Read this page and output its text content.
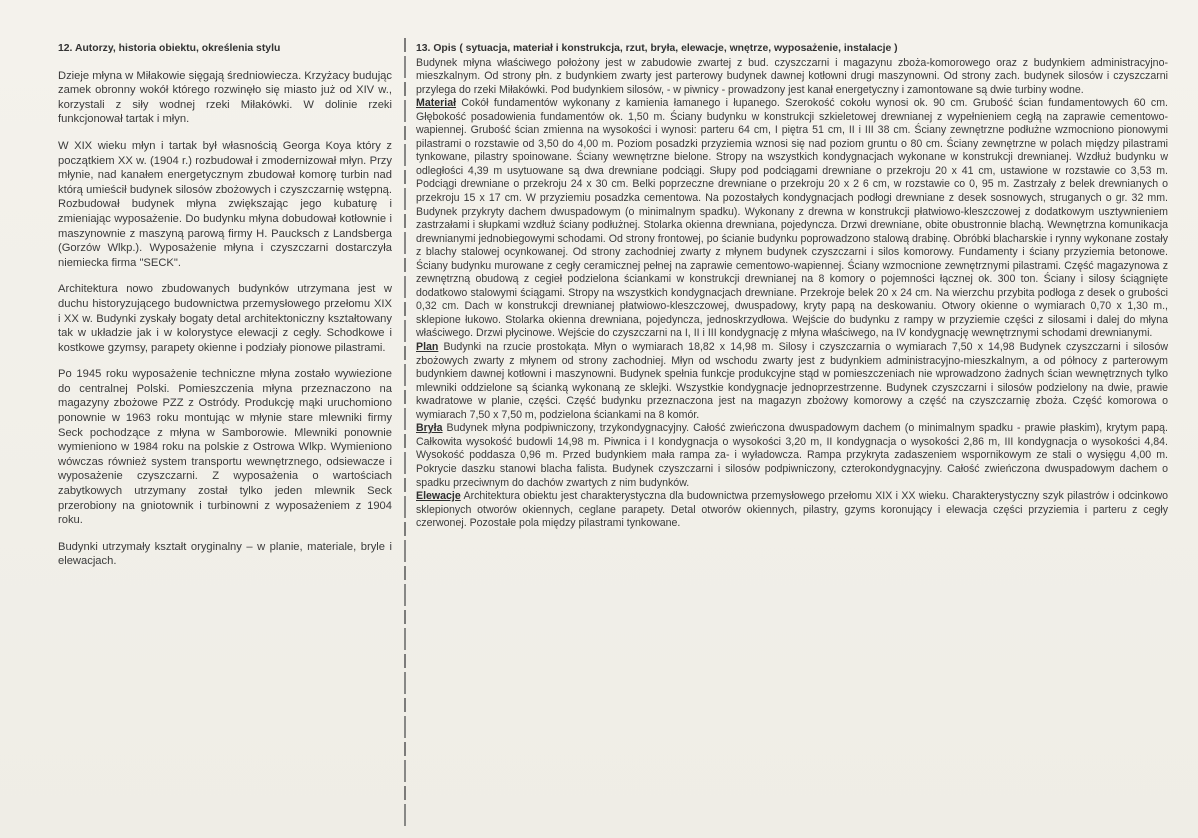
12. Autorzy, historia obiektu, określenia stylu

Dzieje młyna w Miłakowie sięgają średniowiecza. Krzyżacy budując zamek obronny wokół którego rozwinęło się miasto już od XIV w., korzystali z siły wodnej rzeki Miłakówki. W dolinie rzeki funkcjonował tartak i młyn.

W XIX wieku młyn i tartak był własnością Georga Koya który z początkiem XX w. (1904 r.) rozbudował i zmodernizował młyn. Przy młynie, nad kanałem energetycznym zbudował komorę turbin nad którą umieścił budynek silosów zbożowych i czyszczarnię wstępną. Rozbudował budynek młyna zwiększając jego kubaturę i zmieniając wyposażenie. Do budynku młyna dobudował kotłownie i maszynownie z maszyną parową firmy H. Paucksch z Landsberga (Gorzów Wlkp.). Wyposażenie młyna i czyszczarni dostarczyła niemiecka firma "SECK".

Architektura nowo zbudowanych budynków utrzymana jest w duchu historyzującego budownictwa przemysłowego przełomu XIX i XX w. Budynki zyskały bogaty detal architektoniczny kształtowany tak w układzie jak i w kolorystyce elewacji z cegły. Schodkowe i kostkowe gzymsy, parapety okienne i podziały pionowe pilastrami.

Po 1945 roku wyposażenie techniczne młyna zostało wywiezione do centralnej Polski. Pomieszczenia młyna przeznaczono na magazyny zbożowe PZZ z Ostródy. Produkcję mąki uruchomiono ponownie w 1963 roku montując w młynie stare mlewniki firmy Seck pochodzące z młyna w Samborowie. Mlewniki ponownie wymieniono w 1984 roku na polskie z Ostrowa Wlkp. Wymieniono wówczas również system transportu wewnętrznego, odsiewacze i wyposażenie czyszczarni. Z wyposażenia o wartościach zabytkowych utrzymany został tylko jeden mlewnik Seck przerobiony na gniotownik i turbinowni z wyposażeniem z 1904 roku.

Budynki utrzymały kształt oryginalny – w planie, materiale, bryle i elewacjach.

13. Opis ( sytuacja, materiał i konstrukcja, rzut, bryła, elewacje, wnętrze, wyposażenie, instalacje )

Budynek młyna właściwego położony jest w zabudowie zwartej z bud. czyszczarni i magazynu zboża-komorowego oraz z budynkiem administracyjno-mieszkalnym. Od strony płn. z budynkiem zwarty jest parterowy budynek dawnej kotłowni drugi maszynowni. Od strony zach. budynek silosów i czyszczarni przylega do rzeki Miłakówki. Pod budynkiem silosów, - w piwnicy - prowadzony jest kanał energetyczny i zamontowane są dwie turbiny wodne.

Materiał Cokół fundamentów wykonany z kamienia łamanego i łupanego. Szerokość cokołu wynosi ok. 90 cm. Grubość ścian fundamentowych 60 cm. Głębokość posadowienia fundamentów ok. 1,50 m. Ściany budynku w konstrukcji szkieletowej drewnianej z wypełnieniem cegłą na zaprawie cementowo-wapiennej. Grubość ścian zmienna na wysokości i wynosi: parteru 64 cm, I piętra 51 cm, II i III 38 cm. Ściany zewnętrzne podłużne wzmocniono pionowymi pilastrami o rozstawie od 3,50 do 4,00 m. Poziom posadzki przyziemia wznosi się nad poziom gruntu o 80 cm. Ściany zewnętrzne w polach między pilastrami tynkowane, pilastry spoinowane. Ściany wewnętrzne bielone. Stropy na wszystkich kondygnacjach wykonane w konstrukcji drewnianej. Wzdłuż budynku w odległości 4,39 m usytuowane są dwa drewniane podciągi. Słupy pod podciągami drewniane o przekroju 20 x 41 cm, ustawione w rozstawie co 3,53 m. Podciągi drewniane o przekroju 24 x 30 cm. Belki poprzeczne drewniane o przekroju 20 x 2 6 cm, w rozstawie co 0, 95 m. Zastrzały z belek drewnianych o przekroju 15 x 17 cm. W przyziemiu posadzka cementowa. Na pozostałych kondygnacjach podłogi drewniane z desek sosnowych, struganych o gr. 32 mm. Budynek przykryty dachem dwuspadowym (o minimalnym spadku). Wykonany z drewna w konstrukcji płatwiowo-kleszczowej z dodatkowym usztywnieniem zastrzałami i słupkami wzdłuż ściany podłużnej. Stolarka okienna drewniana, pojedyncza. Drzwi drewniane, obite obustronnie blachą. Wewnętrzna komunikacja drewnianymi jednobiegowymi schodami. Od strony frontowej, po ścianie budynku poprowadzono stalową drabinę. Obróbki blacharskie i rynny wykonane zostały z blachy stalowej ocynkowanej. Od strony zachodniej zwarty z młynem budynek czyszczarni i silos komorowy. Fundamenty i ściany przyziemia betonowe. Ściany budynku murowane z cegły ceramicznej pełnej na zaprawie cementowo-wapiennej. Ściany wzmocnione zewnętrznymi pilastrami. Część magazynowa z zewnętrzną obudową z cegieł podzielona ściankami w konstrukcji drewnianej na 8 komory o pojemności łącznej ok. 300 ton. Ściany i silosy ściągnięte dodatkowo stalowymi ściągami. Stropy na wszystkich kondygnacjach drewniane. Przekroje belek 20 x 24 cm. Na wierzchu przybita podłoga z desek o grubości 0,32 cm. Dach w konstrukcji drewnianej płatwiowo-kleszczowej, dwuspadowy, kryty papą na deskowaniu. Otwory okienne o wymiarach 0,70 x 1,30 m., sklepione łukowo. Stolarka okienna drewniana, pojedyncza, jednoskrzydłowa. Wejście do budynku z rampy w przyziemie części z silosami i dalej do młyna właściwego. Drzwi płycinowe. Wejście do czyszczarni na I, II i III kondygnację z młyna właściwego, na IV kondygnację wewnętrznymi schodami drewnianymi.

Plan Budynki na rzucie prostokąta. Młyn o wymiarach 18,82 x 14,98 m. Silosy i czyszczarnia o wymiarach 7,50 x 14,98 Budynek czyszczarni i silosów zbożowych zwarty z młynem od strony zachodniej. Młyn od wschodu zwarty jest z budynkiem administracyjno-mieszkalnym, a od północy z parterowym budynkiem dawnej kotłowni i maszynowni. Budynek spełnia funkcje produkcyjne stąd w pomieszczeniach nie wprowadzono żadnych ścian wewnętrznych tylko mlewniki oddzielone są ścianką wykonaną ze sklejki. Wszystkie kondygnacje jednoprzestrzenne. Budynek czyszczarni i silosów podzielony na dwie, prawie kwadratowe w planie, części. Część budynku przeznaczona jest na magazyn zbożowy komorowy a część na czyszczarnię zboża. Część komorowa o wymiarach 7,50 x 7,50 m, podzielona ściankami na 8 komór.

Bryła Budynek młyna podpiwniczony, trzykondygnacyjny. Całość zwieńczona dwuspadowym dachem (o minimalnym spadku - prawie płaskim), krytym papą. Całkowita wysokość budowli 14,98 m. Piwnica i I kondygnacja o wysokości 3,20 m, II kondygnacja o wysokości 2,86 m, III kondygnacja o wysokości 4,84. Wysokość poddasza 0,96 m. Przed budynkiem mała rampa za- i wyładowcza. Rampa przykryta zadaszeniem wspornikowym ze stali o wysięgu 4,00 m. Pokrycie daszku stanowi blacha falista. Budynek czyszczarni i silosów podpiwniczony, czterokondygnacyjny. Całość zwieńczona dwuspadowym dachem o spadku przeciwnym do dachów zwartych z nim budynków.

Elewacje Architektura obiektu jest charakterystyczna dla budownictwa przemysłowego przełomu XIX i XX wieku. Charakterystyczny szyk pilastrów i odcinkowo sklepionych otworów okiennych, ceglane parapety. Detal otworów okiennych, pilastry, gzyms koronujący i elewacja części przyziemia i parteru z cegły czerwonej. Pozostałe pola między pilastrami tynkowane.
